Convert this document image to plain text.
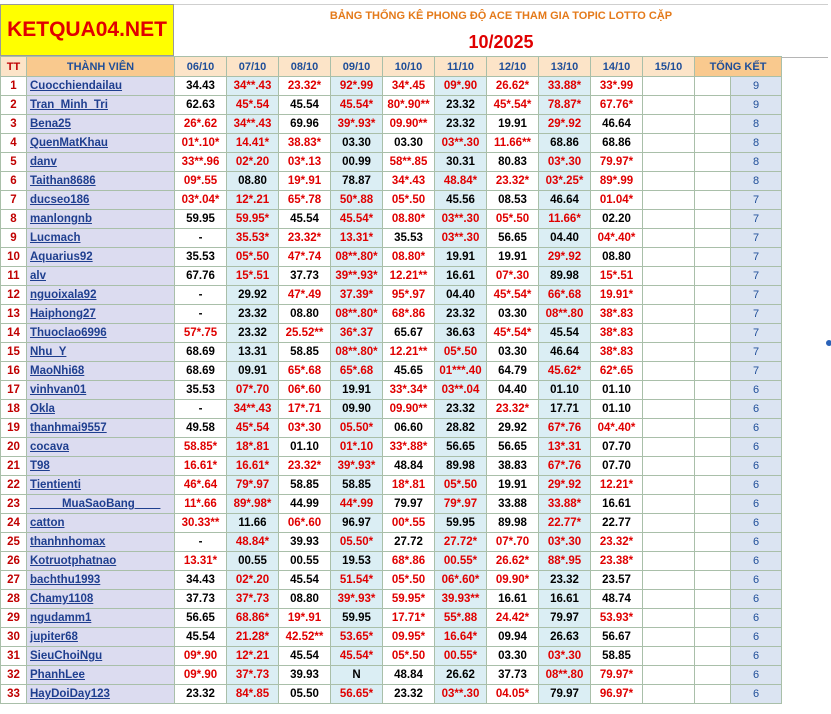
KETQUA04.NET
BẢNG THỐNG KÊ PHONG ĐỘ ACE THAM GIA TOPIC LOTTO CẶP
10/2025
TT	THÀNH VIÊN	06/10	07/10	08/10	09/10	10/10	11/10	12/10	13/10	14/10	15/10	TỔNG KẾT	
1	Cuocchiendailau	34.43	34**.43	23.32*	92*.99	34*.45	09*.90	26.62*	33.88*	33*.99			9
2	Tran_Minh_Tri	62.63	45*.54	45.54	45.54*	80*.90**	23.32	45*.54*	78.87*	67.76*			9
3	Bena25	26*.62	34**.43	69.96	39*.93*	09.90**	23.32	19.91	29*.92	46.64			8
4	QuenMatKhau	01*.10*	14.41*	38.83*	03.30	03.30	03**.30	11.66**	68.86	68.86			8
5	danv	33**.96	02*.20	03*.13	00.99	58**.85	30.31	80.83	03*.30	79.97*			8
6	Taithan8686	09*.55	08.80	19*.91	78.87	34*.43	48.84*	23.32*	03*.25*	89*.99			8
7	ducseo186	03*.04*	12*.21	65*.78	50*.88	05*.50	45.56	08.53	46.64	01.04*			7
8	manlongnb	59.95	59.95*	45.54	45.54*	08.80*	03**.30	05*.50	11.66*	02.20			7
9	Lucmach	-	35.53*	23.32*	13.31*	35.53	03**.30	56.65	04.40	04*.40*			7
10	Aquarius92	35.53	05*.50	47*.74	08**.80*	08.80*	19.91	19.91	29*.92	08.80			7
11	alv	67.76	15*.51	37.73	39**.93*	12.21**	16.61	07*.30	89.98	15*.51			7
12	nguoixala92	-	29.92	47*.49	37.39*	95*.97	04.40	45*.54*	66*.68	19.91*			7
13	Haiphong27	-	23.32	08.80	08**.80*	68*.86	23.32	03.30	08**.80	38*.83			7
14	Thuoclao6996	57*.75	23.32	25.52**	36*.37	65.67	36.63	45*.54*	45.54	38*.83			7
15	Nhu_Y	68.69	13.31	58.85	08**.80*	12.21**	05*.50	03.30	46.64	38*.83			7
16	MaoNhi68	68.69	09.91	65*.68	65*.68	45.65	01***.40	64.79	45.62*	62*.65			7
17	vinhvan01	35.53	07*.70	06*.60	19.91	33*.34*	03**.04	04.40	01.10	01.10			6
18	Okla	-	34**.43	17*.71	09.90	09.90**	23.32	23.32*	17.71	01.10			6
19	thanhmai9557	49.58	45*.54	03*.30	05.50*	06.60	28.82	29.92	67*.76	04*.40*			6
20	cocava	58.85*	18*.81	01.10	01*.10	33*.88*	56.65	56.65	13*.31	07.70			6
21	T98	16.61*	16.61*	23.32*	39*.93*	48.84	89.98	38.83	67*.76	07.70			6
22	Tientienti	46*.64	79*.97	58.85	58.85	18*.81	05*.50	19.91	29*.92	12.21*			6
23	_____MuaSaoBang____	11*.66	89*.98*	44.99	44*.99	79.97	79*.97	33.88	33.88*	16.61			6
24	catton	30.33**	11.66	06*.60	96.97	00*.55	59.95	89.98	22.77*	22.77			6
25	thanhnhomax	-	48.84*	39.93	05.50*	27.72	27.72*	07*.70	03*.30	23.32*			6
26	Kotruotphatnao	13.31*	00.55	00.55	19.53	68*.86	00.55*	26.62*	88*.95	23.38*			6
27	bachthu1993	34.43	02*.20	45.54	51.54*	05*.50	06*.60*	09.90*	23.32	23.57			6
28	Chamy1108	37.73	37*.73	08.80	39*.93*	59.95*	39.93**	16.61	16.61	48.74			6
29	ngudamm1	56.65	68.86*	19*.91	59.95	17.71*	55*.88	24.42*	79.97	53.93*			6
30	jupiter68	45.54	21.28*	42.52**	53.65*	09.95*	16.64*	09.94	26.63	56.67			6
31	SieuChoiNgu	09*.90	12*.21	45.54	45.54*	05*.50	00.55*	03.30	03*.30	58.85			6
32	PhanhLee	09*.90	37*.73	39.93	N	48.84	26.62	37.73	08**.80	79.97*			6
33	HayDoiDay123	23.32	84*.85	05.50	56.65*	23.32	03**.30	04.05*	79.97	96.97*			6
